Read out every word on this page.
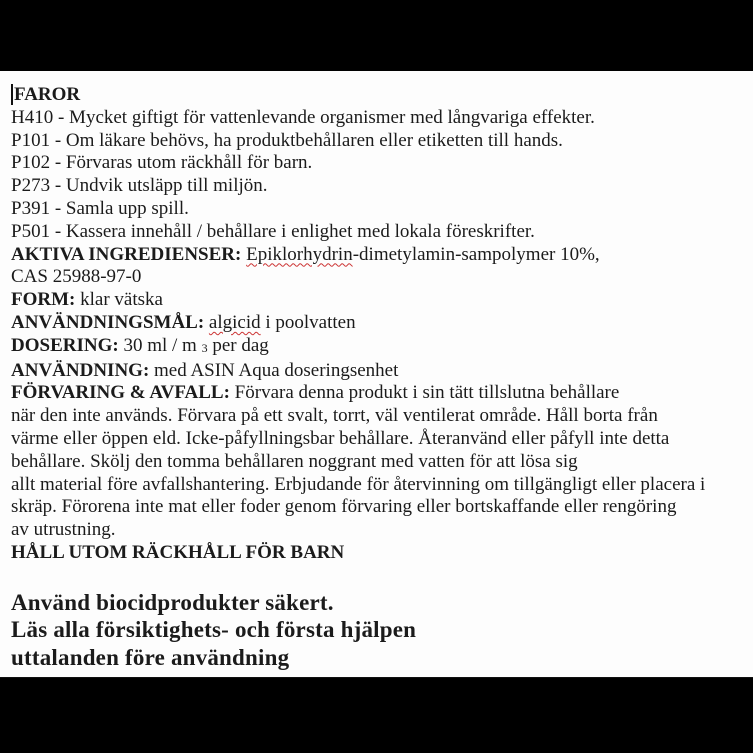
FAROR
H410 - Mycket giftigt för vattenlevande organismer med långvariga effekter.
P101 - Om läkare behövs, ha produktbehållaren eller etiketten till hands.
P102 - Förvaras utom räckhåll för barn.
P273 - Undvik utsläpp till miljön.
P391 - Samla upp spill.
P501 - Kassera innehåll / behållare i enlighet med lokala föreskrifter.
AKTIVA INGREDIENSER: Epiklorhydrin-dimetylamin-sampolymer 10%,
CAS 25988-97-0
FORM: klar vätska
ANVÄNDNINGSMÅL: algicid i poolvatten
DOSERING: 30 ml / m 3 per dag
ANVÄNDNING: med ASIN Aqua doseringsenhet
FÖRVARING & AVFALL: Förvara denna produkt i sin tätt tillslutna behållare
när den inte används. Förvara på ett svalt, torrt, väl ventilerat område. Håll borta från
värme eller öppen eld. Icke-påfyllningsbar behållare. Återanvänd eller påfyll inte detta
behållare. Skölj den tomma behållaren noggrant med vatten för att lösa sig
allt material före avfallshantering. Erbjudande för återvinning om tillgängligt eller placera i
skräp. Förorena inte mat eller foder genom förvaring eller bortskaffande eller rengöring
av utrustning.
HÅLL UTOM RÄCKHÅLL FÖR BARN
Använd biocidprodukter säkert.
Läs alla försiktighets- och första hjälpen
uttalanden före användning
